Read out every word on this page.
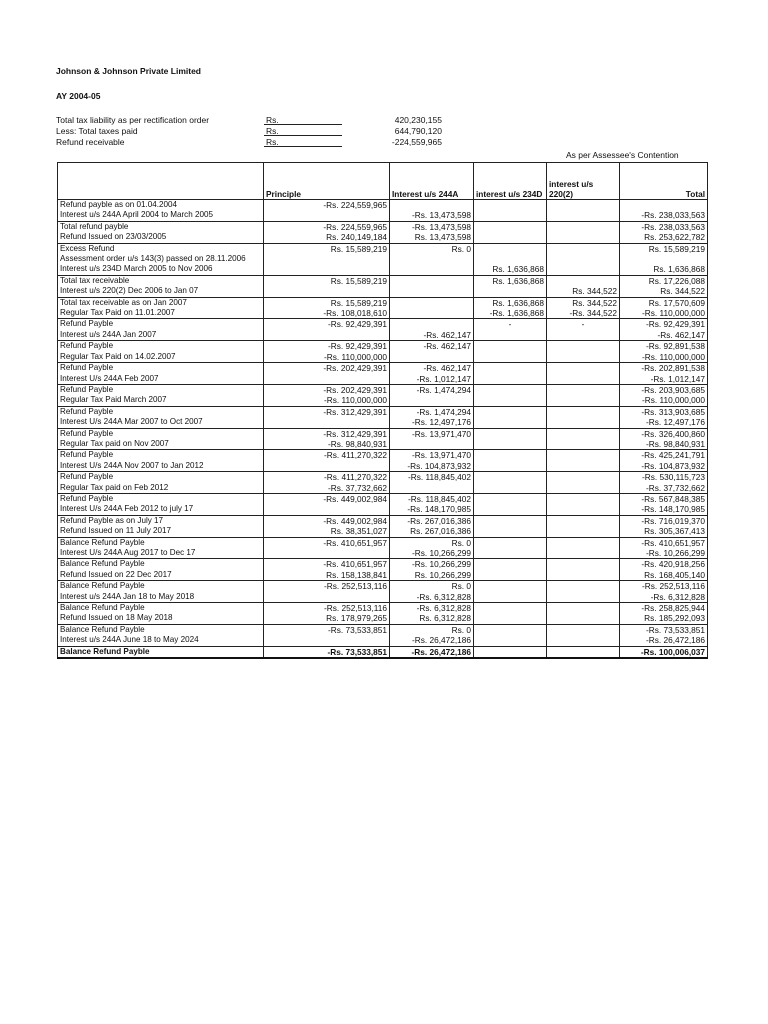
Johnson & Johnson Private Limited
AY 2004-05
Total tax liability as per rectification order	Rs.	420,230,155
Less: Total taxes paid	Rs.	644,790,120
Refund receivable	Rs.	-224,559,965
As per Assessee's Contention
	Principle	Interest u/s 244A	interest u/s 234D	interest u/s 220(2)	Total
Refund payble as on 01.04.2004	-Rs. 224,559,965				
Interest u/s 244A April 2004 to March 2005		-Rs. 13,473,598			-Rs. 238,033,563
Total refund payble	-Rs. 224,559,965	-Rs. 13,473,598			-Rs. 238,033,563
Refund Issued on 23/03/2005	Rs. 240,149,184	Rs. 13,473,598			Rs. 253,622,782
Excess Refund	Rs. 15,589,219	Rs. 0			Rs. 15,589,219
Assessment order u/s 143(3) passed on 28.11.2006					
Interest u/s 234D March 2005 to Nov 2006			Rs. 1,636,868		Rs. 1,636,868
Total tax receivable	Rs. 15,589,219		Rs. 1,636,868		Rs. 17,226,088
Interest u/s 220(2) Dec 2006 to Jan 07				Rs. 344,522	Rs. 344,522
Total tax receivable as on Jan 2007	Rs. 15,589,219		Rs. 1,636,868	Rs. 344,522	Rs. 17,570,609
Regular Tax Paid on 11.01.2007	-Rs. 108,018,610		-Rs. 1,636,868	-Rs. 344,522	-Rs. 110,000,000
Refund Payble	-Rs. 92,429,391		-	-	-Rs. 92,429,391
Interest u/s 244A Jan 2007		-Rs. 462,147			-Rs. 462,147
Refund Payble	-Rs. 92,429,391	-Rs. 462,147			-Rs. 92,891,538
Regular Tax Paid on 14.02.2007	-Rs. 110,000,000				-Rs. 110,000,000
Refund Payble	-Rs. 202,429,391	-Rs. 462,147			-Rs. 202,891,538
Interest U/s 244A Feb 2007		-Rs. 1,012,147			-Rs. 1,012,147
Refund Payble	-Rs. 202,429,391	-Rs. 1,474,294			-Rs. 203,903,685
Regular Tax Paid March 2007	-Rs. 110,000,000				-Rs. 110,000,000
Refund Payble	-Rs. 312,429,391	-Rs. 1,474,294			-Rs. 313,903,685
Interest U/s 244A Mar 2007 to Oct 2007		-Rs. 12,497,176			-Rs. 12,497,176
Refund Payble	-Rs. 312,429,391	-Rs. 13,971,470			-Rs. 326,400,860
Regular Tax paid on Nov 2007	-Rs. 98,840,931				-Rs. 98,840,931
Refund Payble	-Rs. 411,270,322	-Rs. 13,971,470			-Rs. 425,241,791
Interest U/s 244A Nov 2007 to Jan 2012		-Rs. 104,873,932			-Rs. 104,873,932
Refund Payble	-Rs. 411,270,322	-Rs. 118,845,402			-Rs. 530,115,723
Regular Tax paid on Feb 2012	-Rs. 37,732,662				-Rs. 37,732,662
Refund Payble	-Rs. 449,002,984	-Rs. 118,845,402			-Rs. 567,848,385
Interest U/s 244A Feb 2012 to july 17		-Rs. 148,170,985			-Rs. 148,170,985
Refund Payble as on July 17	-Rs. 449,002,984	-Rs. 267,016,386			-Rs. 716,019,370
Refund Issued on 11 July 2017	Rs. 38,351,027	Rs. 267,016,386			Rs. 305,367,413
Balance Refund Payble	-Rs. 410,651,957	Rs. 0			-Rs. 410,651,957
Interest U/s 244A Aug 2017 to Dec 17		-Rs. 10,266,299			-Rs. 10,266,299
Balance Refund Payble	-Rs. 410,651,957	-Rs. 10,266,299			-Rs. 420,918,256
Refund Issued on 22 Dec 2017	Rs. 158,138,841	Rs. 10,266,299			Rs. 168,405,140
Balance Refund Payble	-Rs. 252,513,116	Rs. 0			-Rs. 252,513,116
Interest u/s 244A Jan 18 to May 2018		-Rs. 6,312,828			-Rs. 6,312,828
Balance Refund Payble	-Rs. 252,513,116	-Rs. 6,312,828			-Rs. 258,825,944
Refund Issued on 18 May 2018	Rs. 178,979,265	Rs. 6,312,828			Rs. 185,292,093
Balance Refund Payble	-Rs. 73,533,851	Rs. 0			-Rs. 73,533,851
Interest u/s 244A June 18 to May 2024		-Rs. 26,472,186			-Rs. 26,472,186
Balance Refund Payble	-Rs. 73,533,851	-Rs. 26,472,186			-Rs. 100,006,037
